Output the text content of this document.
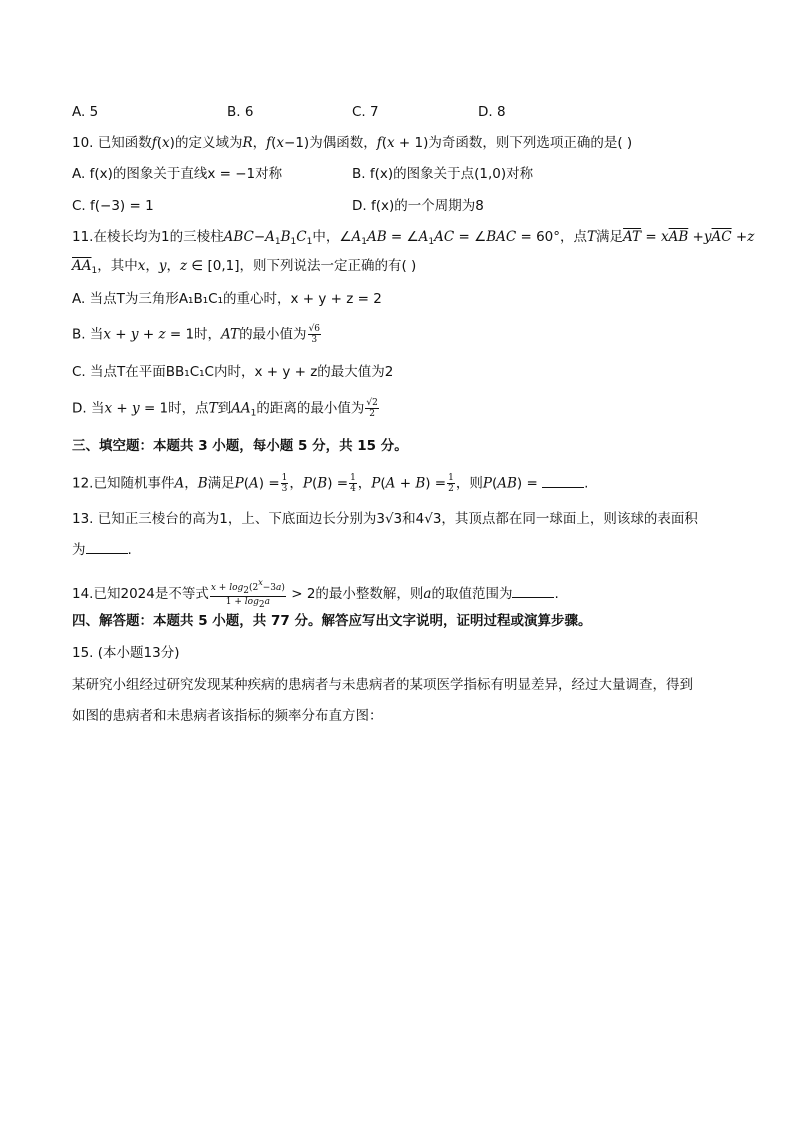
A. 5	B. 6	C. 7	D. 8
10. 已知函数f(x)的定义域为R，f(x−1)为偶函数，f(x + 1)为奇函数，则下列选项正确的是( )
A. f(x)的图象关于直线x = −1对称	B. f(x)的图象关于点(1,0)对称
C. f(−3) = 1	D. f(x)的一个周期为8
11.在棱长均为1的三棱柱$ABC-A_1B_1C_1$中，$\angle A_1AB$ = $\angle A_1AC$ = ∠BAC = 60°，点T满足$\overline{AT} = x\overline{AB} +y\overline{AC} +z$
$\overline{AA}_1$，其中x，y，z ∈ [0,1]，则下列说法一定正确的有( )
A. 当点T为三角形A₁B₁C₁的重心时，x + y + z = 2
B. 当x + y + z = 1时，AT的最小值为 $\frac{√6}{3}$
C. 当点T在平面BB₁C₁C内时，x + y + z的最大值为2
D. 当x + y = 1时，点T到$AA_1$的距离的最小值为 $\frac{√2}{2}$
三、填空题：本题共 3 小题，每小题 5 分，共 15 分。
12.已知随机事件A，B满足$P(A) = \frac{1}{3}$ ，$P(B) = \frac{1}{4}$ ，$P(A + B) = \frac{1}{2}$ ，则P(AB) =	.
13. 已知正三棱台的高为1，上、下底面边长分别为3√3和4√3，其顶点都在同一球面上，则该球的表面积
为	.
14.已知2024是不等式 $\frac{x + \log 2(2x-3a)}{1 + \log 2a} > 2$的最小整数解，则a的取值范围为	.
四、解答题：本题共 5 小题，共 77 分。解答应写出文字说明，证明过程或演算步骤。
15. (本小题13分)
某研究小组经过研究发现某种疾病的患病者与未患病者的某项医学指标有明显差异，经过大量调查，得到
如图的患病者和未患病者该指标的频率分布直方图：
